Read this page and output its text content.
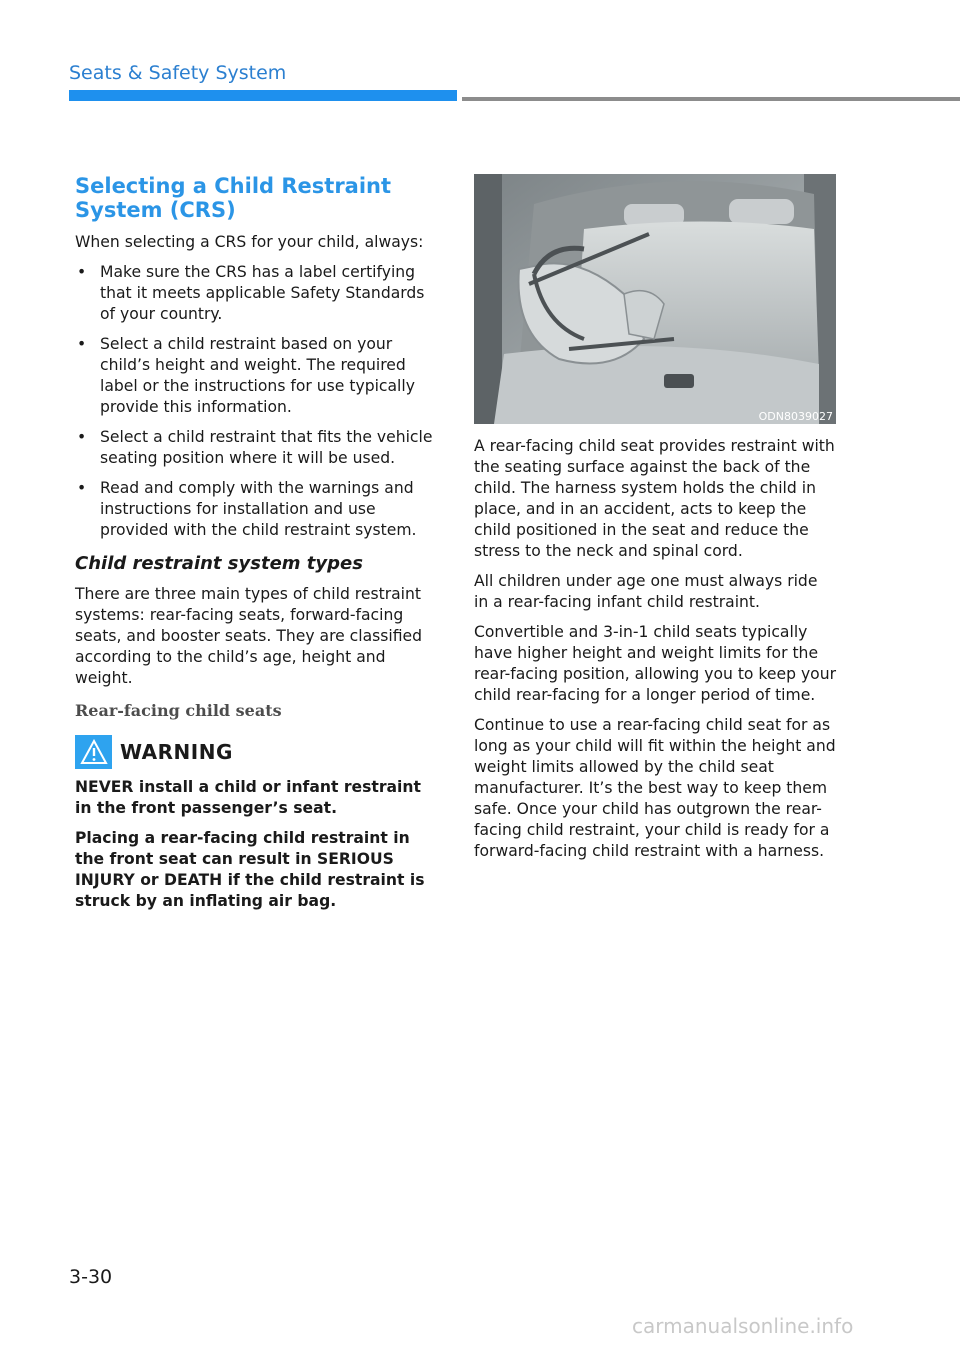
Seats & Safety System
Selecting a Child Restraint
System (CRS)

When selecting a CRS for your child, always:

• Make sure the CRS has a label certifying that it meets applicable Safety Standards of your country.
• Select a child restraint based on your child’s height and weight. The required label or the instructions for use typically provide this information.
• Select a child restraint that fits the vehicle seating position where it will be used.
• Read and comply with the warnings and instructions for installation and use provided with the child restraint system.
Child restraint system types

There are three main types of child restraint systems: rear-facing seats, forward-facing seats, and booster seats. They are classified according to the child’s age, height and weight.

Rear-facing child seats
WARNING

NEVER install a child or infant restraint in the front passenger’s seat.

Placing a rear-facing child restraint in the front seat can result in SERIOUS INJURY or DEATH if the child restraint is struck by an inflating air bag.

ODN8039027

A rear-facing child seat provides restraint with the seating surface against the back of the child. The harness system holds the child in place, and in an accident, acts to keep the child positioned in the seat and reduce the stress to the neck and spinal cord.

All children under age one must always ride in a rear-facing infant child restraint.

Convertible and 3-in-1 child seats typically have higher height and weight limits for the rear-facing position, allowing you to keep your child rear-facing for a longer period of time.

Continue to use a rear-facing child seat for as long as your child will fit within the height and weight limits allowed by the child seat manufacturer. It’s the best way to keep them safe. Once your child has outgrown the rear-facing child restraint, your child is ready for a forward-facing child restraint with a harness.

3-30
carmanualsonline.info
